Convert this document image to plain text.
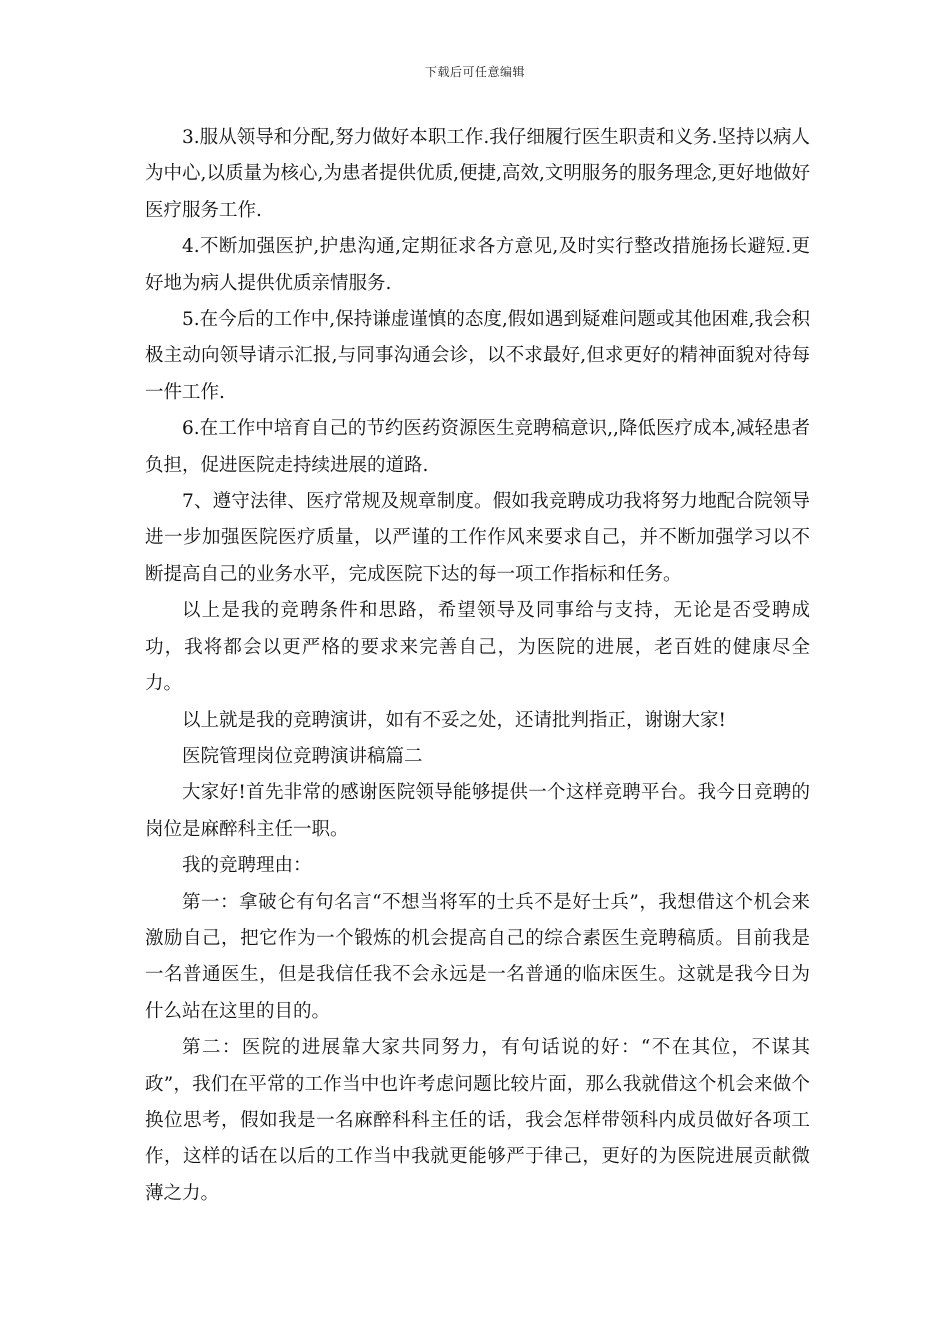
下载后可任意编辑

3.服从领导和分配,努力做好本职工作.我仔细履行医生职责和义务.坚持以病人为中心,以质量为核心,为患者提供优质,便捷,高效,文明服务的服务理念,更好地做好医疗服务工作.

4.不断加强医护,护患沟通,定期征求各方意见,及时实行整改措施扬长避短.更好地为病人提供优质亲情服务.

5.在今后的工作中,保持谦虚谨慎的态度,假如遇到疑难问题或其他困难,我会积极主动向领导请示汇报,与同事沟通会诊，以不求最好,但求更好的精神面貌对待每一件工作.

6.在工作中培育自己的节约医药资源医生竞聘稿意识,,降低医疗成本,减轻患者负担，促进医院走持续进展的道路.

7、遵守法律、医疗常规及规章制度。假如我竞聘成功我将努力地配合院领导进一步加强医院医疗质量，以严谨的工作作风来要求自己，并不断加强学习以不断提高自己的业务水平，完成医院下达的每一项工作指标和任务。

以上是我的竞聘条件和思路，希望领导及同事给与支持，无论是否受聘成功，我将都会以更严格的要求来完善自己，为医院的进展，老百姓的健康尽全力。

以上就是我的竞聘演讲，如有不妥之处，还请批判指正，谢谢大家!

医院管理岗位竞聘演讲稿篇二

大家好!首先非常的感谢医院领导能够提供一个这样竞聘平台。我今日竞聘的岗位是麻醉科主任一职。

我的竞聘理由：

第一：拿破仑有句名言“不想当将军的士兵不是好士兵”，我想借这个机会来激励自己，把它作为一个锻炼的机会提高自己的综合素医生竞聘稿质。目前我是一名普通医生，但是我信任我不会永远是一名普通的临床医生。这就是我今日为什么站在这里的目的。

第二：医院的进展靠大家共同努力，有句话说的好：“不在其位，不谋其政”，我们在平常的工作当中也许考虑问题比较片面，那么我就借这个机会来做个换位思考，假如我是一名麻醉科科主任的话，我会怎样带领科内成员做好各项工作，这样的话在以后的工作当中我就更能够严于律己，更好的为医院进展贡献微薄之力。
